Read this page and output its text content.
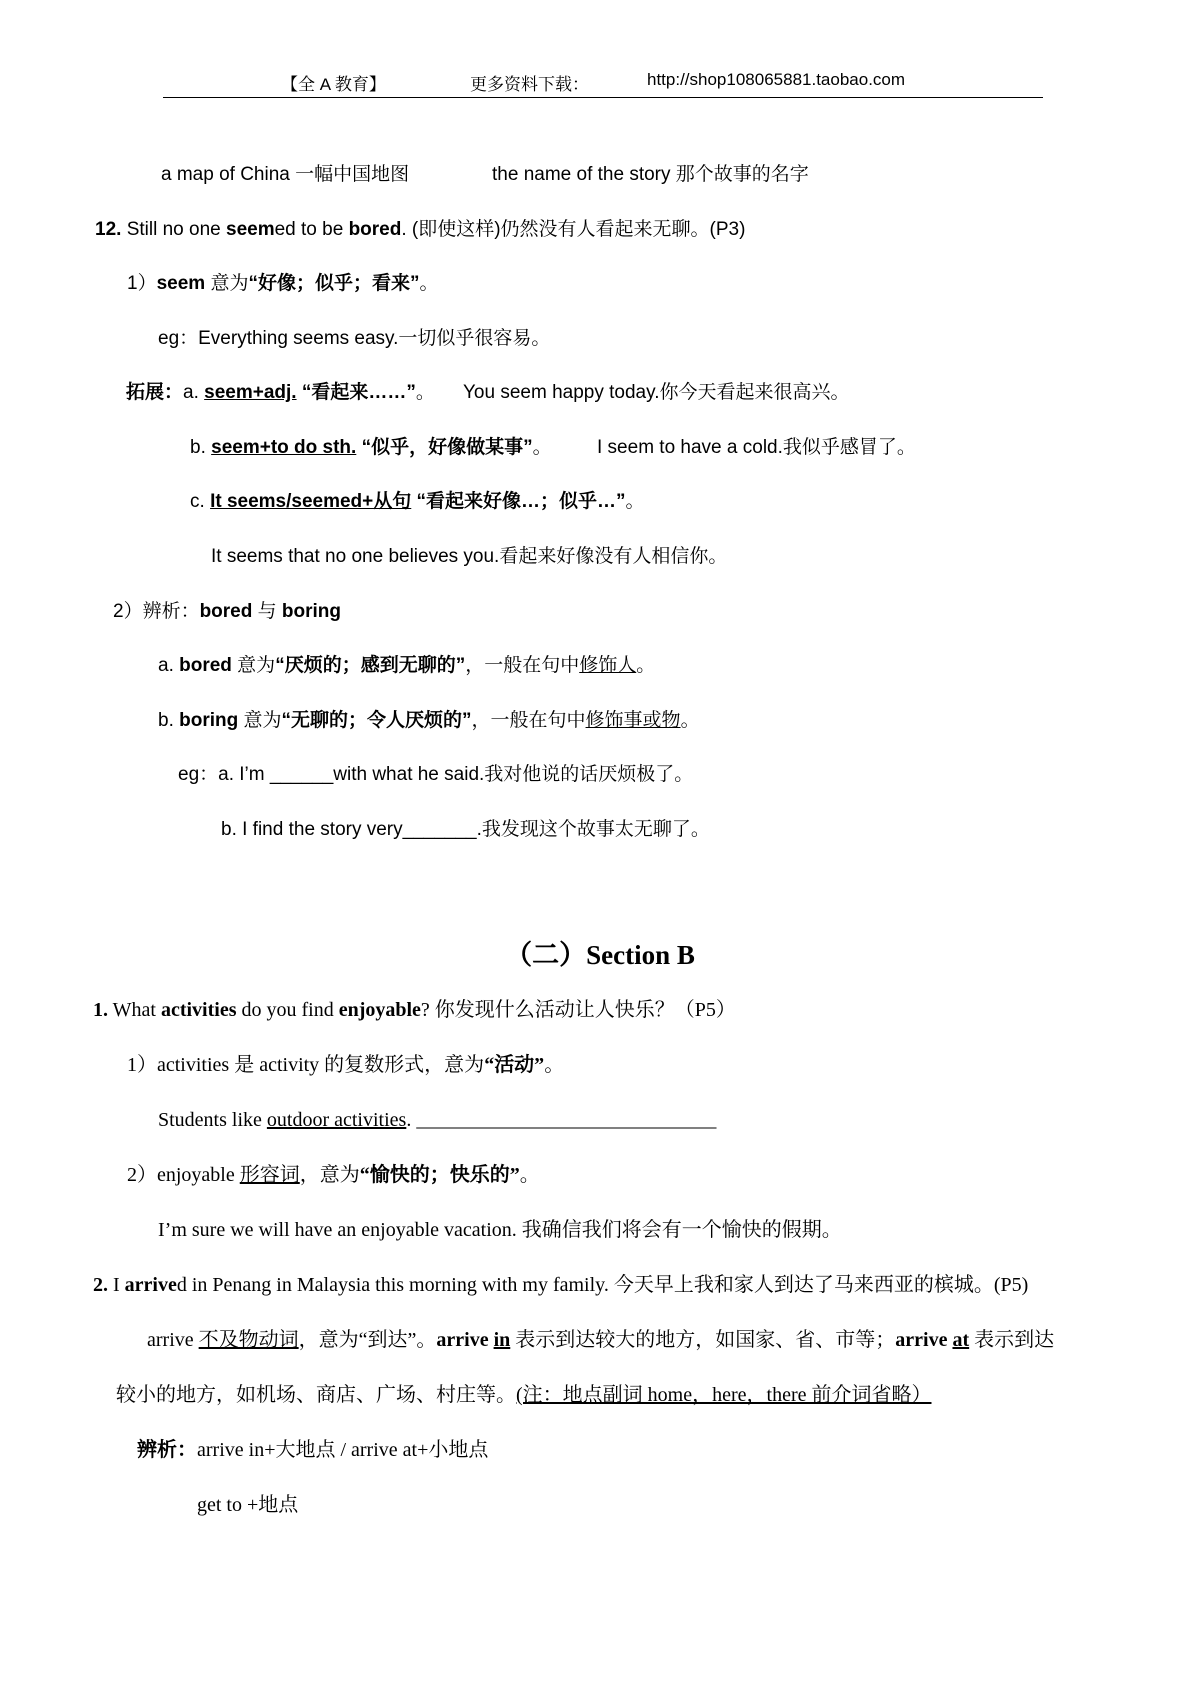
【全 A 教育】	更多资料下载：	http://shop108065881.taobao.com
a map of China 一幅中国地图	the name of the story 那个故事的名字
12. Still no one seemed to be bored. (即使这样)仍然没有人看起来无聊。(P3)
1）seem 意为“好像；似乎；看来”。
eg：Everything seems easy.一切似乎很容易。
拓展：a. seem+adj. “看起来……”。 You seem happy today.你今天看起来很高兴。
b. seem+to do sth. “似乎，好像做某事”。 I seem to have a cold.我似乎感冒了。
c. It seems/seemed+从句 “看起来好像…；似乎…”。
It seems that no one believes you.看起来好像没有人相信你。
2）辨析：bored 与 boring
a. bored 意为“厌烦的；感到无聊的”，一般在句中修饰人。
b. boring 意为“无聊的；令人厌烦的”，一般在句中修饰事或物。
eg：a. I’m ______with what he said.我对他说的话厌烦极了。
b. I find the story very_______.我发现这个故事太无聊了。
（二）Section B
1. What activities do you find enjoyable? 你发现什么活动让人快乐？（P5）
1）activities 是 activity 的复数形式，意为“活动”。
Students like outdoor activities. ______________________________
2）enjoyable 形容词，意为“愉快的；快乐的”。
I’m sure we will have an enjoyable vacation. 我确信我们将会有一个愉快的假期。
2. I arrived in Penang in Malaysia this morning with my family. 今天早上我和家人到达了马来西亚的槟城。(P5)
arrive 不及物动词，意为“到达”。arrive in 表示到达较大的地方，如国家、省、市等；arrive at 表示到达
较小的地方，如机场、商店、广场、村庄等。(注：地点副词 home，here，there 前介词省略）
辨析：arrive in+大地点 / arrive at+小地点
get to +地点
